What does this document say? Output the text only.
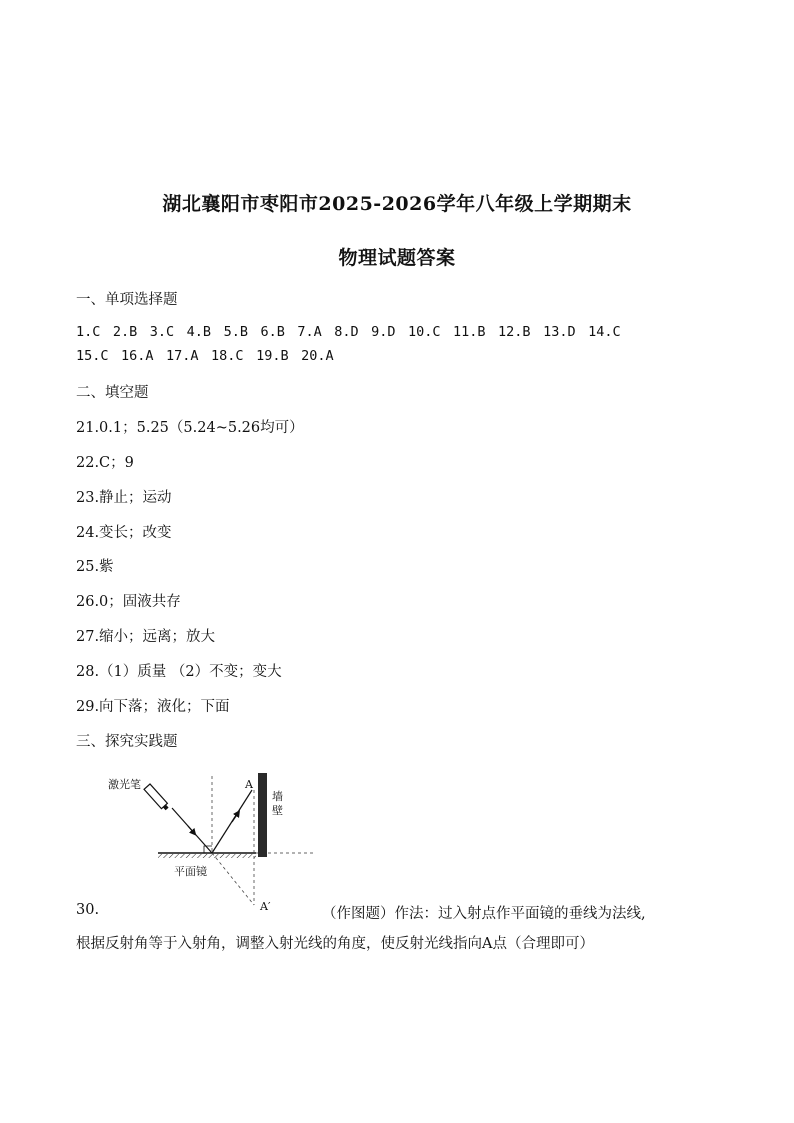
湖北襄阳市枣阳市2025-2026学年八年级上学期期末
物理试题答案
一、单项选择题
1.C 2.B 3.C 4.B 5.B 6.B 7.A 8.D 9.D 10.C 11.B 12.B 13.D 14.C
15.C 16.A 17.A 18.C 19.B 20.A
二、填空题
21.0.1；5.25（5.24~5.26均可）
22.C；9
23.静止；运动
24.变长；改变
25.紫
26.0；固液共存
27.缩小；远离；放大
28.（1）质量 （2）不变；变大
29.向下落；液化；下面
三、探究实践题
激光笔	A
墙
壁
平面镜
A′
30.	（作图题）作法：过入射点作平面镜的垂线为法线,
根据反射角等于入射角，调整入射光线的角度，使反射光线指向A点（合理即可）
